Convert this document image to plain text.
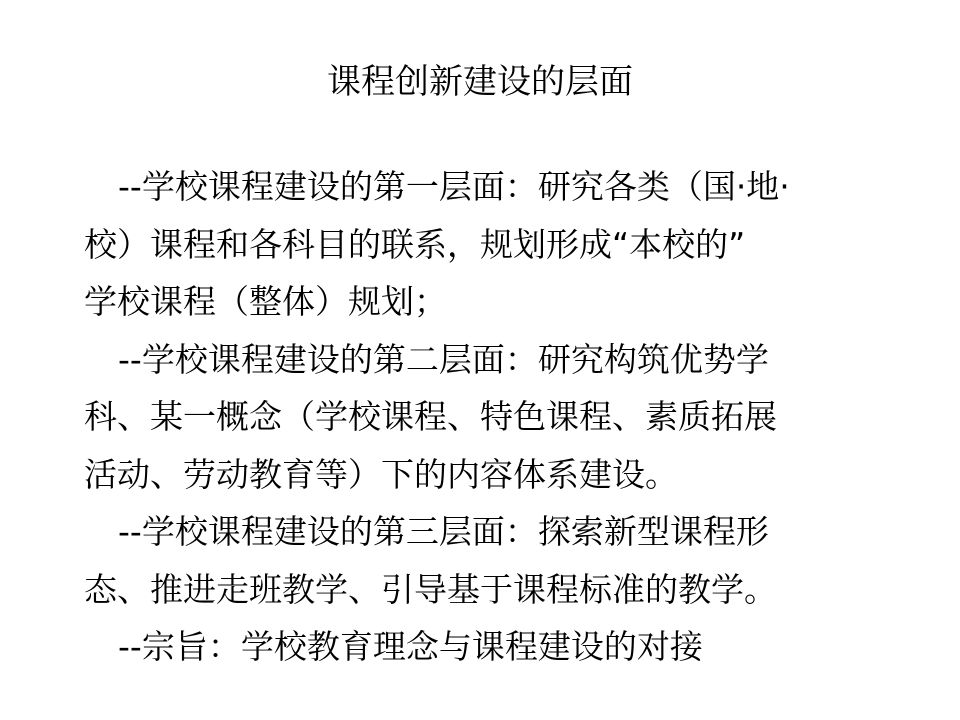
课程创新建设的层面

--学校课程建设的第一层面：研究各类（国·地·

校）课程和各科目的联系，规划形成“本校的”

学校课程（整体）规划；

--学校课程建设的第二层面：研究构筑优势学

科、某一概念（学校课程、特色课程、素质拓展

活动、劳动教育等）下的内容体系建设。

--学校课程建设的第三层面：探索新型课程形

态、推进走班教学、引导基于课程标准的教学。

--宗旨：学校教育理念与课程建设的对接
